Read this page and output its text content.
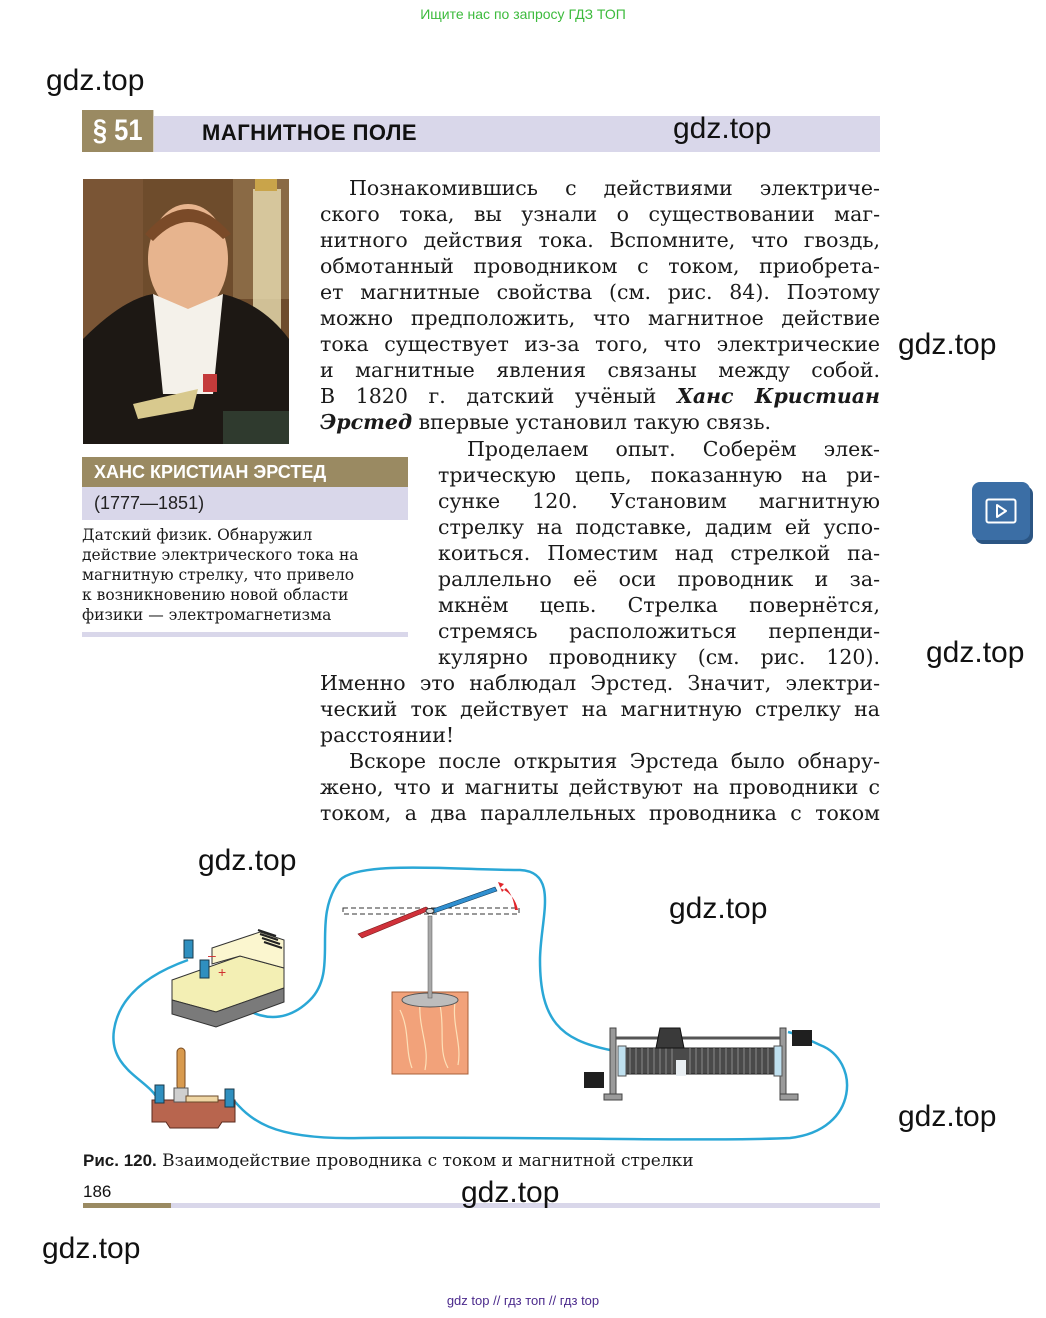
Ищите нас по запросу ГДЗ ТОП
gdz.top
§ 51	МАГНИТНОЕ ПОЛЕ	gdz.top
ХАНС КРИСТИАН ЭРСТЕД
(1777—1851)
Датский физик. Обнаружил
действие электрического тока на
магнитную стрелку, что привело
к возникновению новой области
физики — электромагнетизма
Познакомившись с действиями электриче-
ского тока, вы узнали о существовании маг-
нитного действия тока. Вспомните, что гвоздь,
обмотанный проводником с током, приобрета-
ет магнитные свойства (см. рис. 84). Поэтому
можно предположить, что магнитное действие
тока существует из-за того, что электрические
и магнитные явления связаны между собой.
В 1820 г. датский учёный Ханс Кристиан
Эрстед впервые установил такую связь.
gdz.top
Проделаем опыт. Соберём элек-
трическую цепь, показанную на ри-
сунке 120. Установим магнитную
стрелку на подставке, дадим ей успо-
коиться. Поместим над стрелкой па-
раллельно её оси проводник и за-
мкнём цепь. Стрелка повернётся,
стремясь расположиться перпенди-
кулярно проводнику (см. рис. 120). gdz.top
Именно это наблюдал Эрстед. Значит, электри-
ческий ток действует на магнитную стрелку на
расстоянии!
Вскоре после открытия Эрстеда было обнару-
жено, что и магниты действуют на проводники с
током, а два параллельных проводника с током
–
+
gdz.top
gdz.top
gdz.top
Рис. 120. Взаимодействие проводника с током и магнитной стрелки
186	gdz.top
gdz.top
gdz top // гдз топ // гдз top
